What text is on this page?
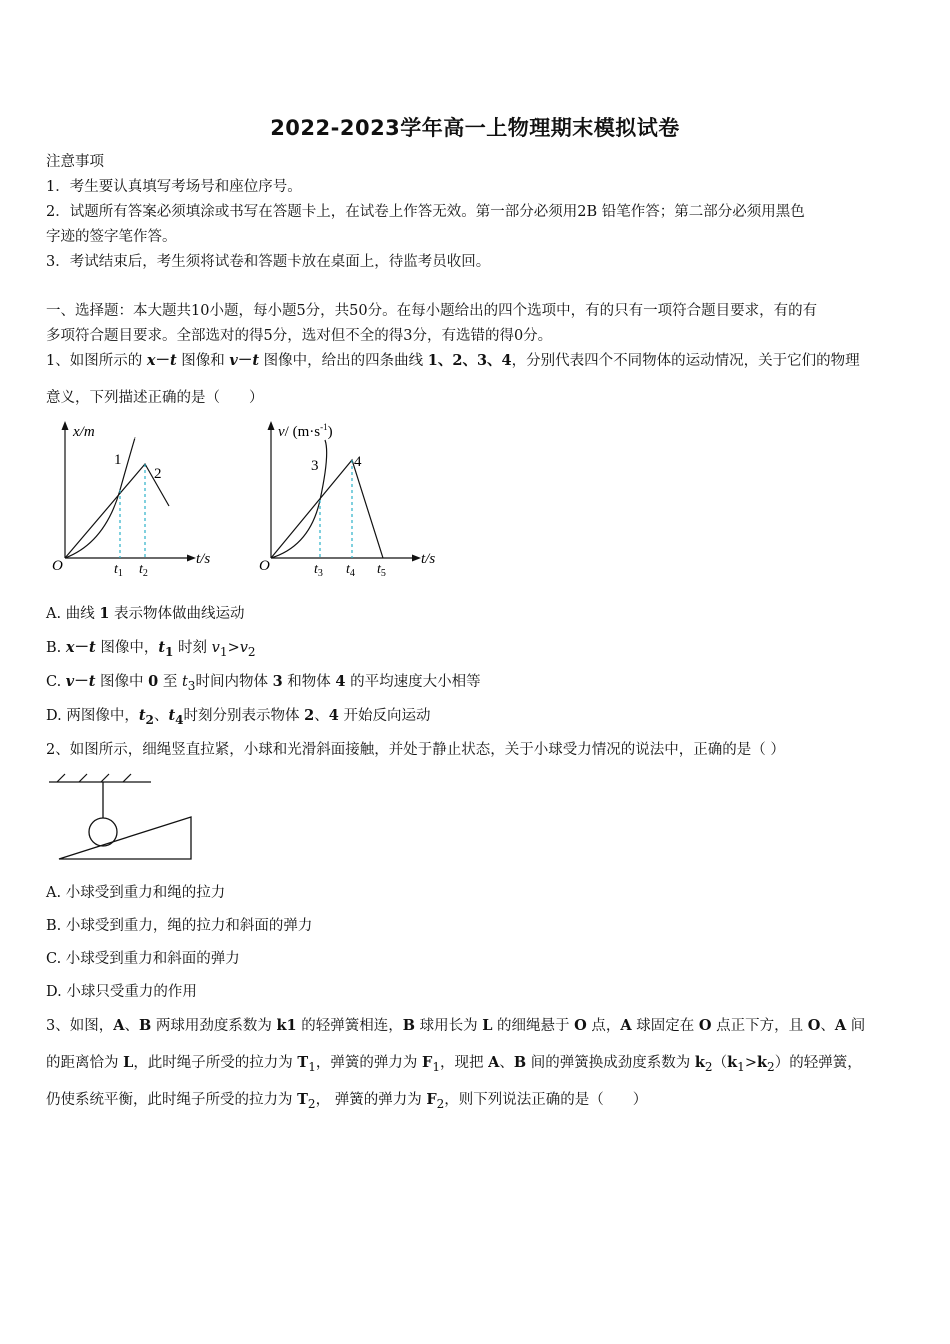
2022-2023学年高一上物理期末模拟试卷
注意事项
1．考生要认真填写考场号和座位序号。
2．试题所有答案必须填涂或书写在答题卡上，在试卷上作答无效。第一部分必须用2B 铅笔作答；第二部分必须用黑色
字迹的签字笔作答。
3．考试结束后，考生须将试卷和答题卡放在桌面上，待监考员收回。
一、选择题：本大题共10小题，每小题5分，共50分。在每小题给出的四个选项中，有的只有一项符合题目要求，有的有
多项符合题目要求。全部选对的得5分，选对但不全的得3分，有选错的得0分。
1、如图所示的 x－t 图像和 v－t 图像中，给出的四条曲线 1、2、3、4，分别代表四个不同物体的运动情况，关于它们的物理
意义，下列描述正确的是（　　）
x/m
t/s
O
1
2
$t_1$ $t_2$
v/ $(m\cdot s^{-1})$
t/s
O
3 4
$t_3$ $t_4$ $t_5$
A. 曲线 1 表示物体做曲线运动
B. x－t 图像中，$t_1$ 时刻 $v_1>v_2$
C. v－t 图像中 0 至 $t_3$时间内物体 3 和物体 4 的平均速度大小相等
D. 两图像中，$t_2$、$t_4$时刻分别表示物体 2、4 开始反向运动
2、如图所示，细绳竖直拉紧，小球和光滑斜面接触，并处于静止状态，关于小球受力情况的说法中，正确的是（ ）
A. 小球受到重力和绳的拉力
B. 小球受到重力，绳的拉力和斜面的弹力
C. 小球受到重力和斜面的弹力
D. 小球只受重力的作用
3、如图，A、B 两球用劲度系数为 k1 的轻弹簧相连，B 球用长为 L 的细绳悬于 O 点，A 球固定在 O 点正下方，且 O、A 间
的距离恰为 L，此时绳子所受的拉力为 $T_1$，弹簧的弹力为 $F_1$，现把 A、B 间的弹簧换成劲度系数为 $k_2(k_1>k_2)$的轻弹簧，
仍使系统平衡，此时绳子所受的拉力为 $T_2$， 弹簧的弹力为 $F_2$，则下列说法正确的是（　　）
